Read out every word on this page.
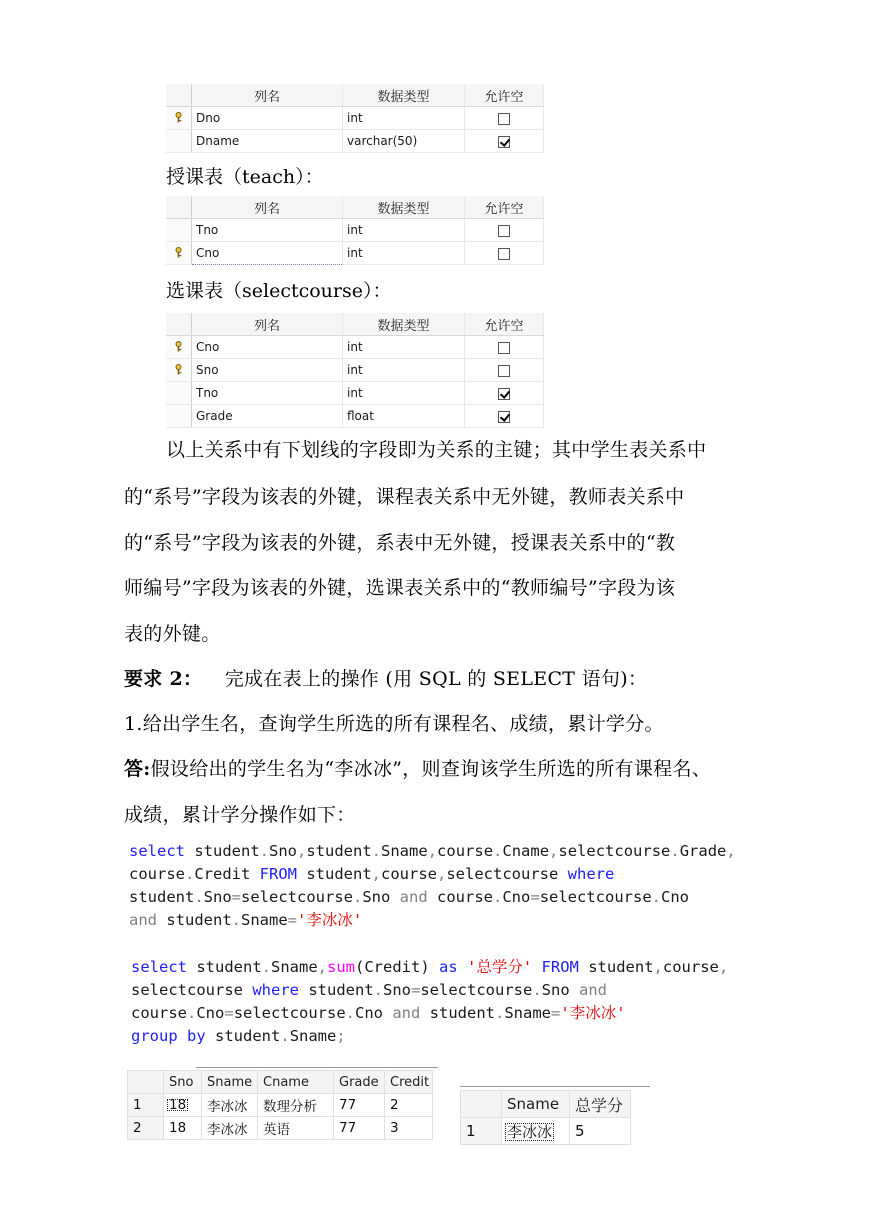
	列名	数据类型	允许空
	Dno	int	
	Dname	varchar(50)	
授课表（teach）：
	列名	数据类型	允许空
	Tno	int	
	Cno	int	
选课表（selectcourse）：
	列名	数据类型	允许空
	Cno	int	
	Sno	int	
	Tno	int	
	Grade	float	
以上关系中有下划线的字段即为关系的主键；其中学生表关系中
的“系号”字段为该表的外键，课程表关系中无外键，教师表关系中
的“系号”字段为该表的外键，系表中无外键，授课表关系中的“教
师编号”字段为该表的外键，选课表关系中的“教师编号”字段为该
表的外键。
要求 2： 完成在表上的操作 (用 SQL 的 SELECT 语句)：
1.给出学生名，查询学生所选的所有课程名、成绩，累计学分。
答:假设给出的学生名为“李冰冰”，则查询该学生所选的所有课程名、
成绩，累计学分操作如下：
select student.Sno,student.Sname,course.Cname,selectcourse.Grade,
course.Credit FROM student,course,selectcourse where
student.Sno=selectcourse.Sno and course.Cno=selectcourse.Cno
and student.Sname='李冰冰'
select student.Sname,sum(Credit) as '总学分' FROM student,course,
selectcourse where student.Sno=selectcourse.Sno and
course.Cno=selectcourse.Cno and student.Sname='李冰冰'
group by student.Sname;
	Sno	Sname	Cname	Grade	Credit
1	18	李冰冰	数理分析	77	2
2	18	李冰冰	英语	77	3
	Sname	总学分
1	李冰冰	5
